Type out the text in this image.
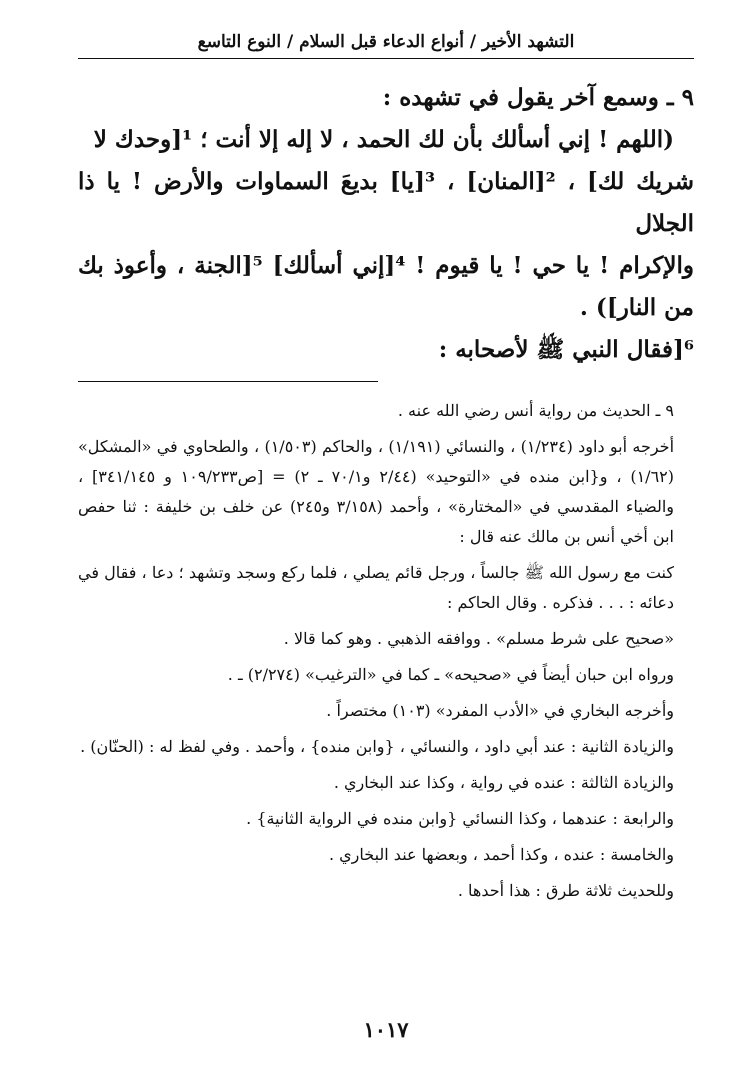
التشهد الأخير / أنواع الدعاء قبل السلام / النوع التاسع

٩ ـ وسمع آخر يقول في تشهده :

(اللهم ! إني أسألك بأن لك الحمد ، لا إله إلا أنت ؛ ¹[وحدك لا

شريك لك] ، ²[المنان] ، ³[يا] بديعَ السماوات والأرض ! يا ذا الجلال

والإكرام ! يا حي ! يا قيوم ! ⁴[إني أسألك] ⁵[الجنة ، وأعوذ بك من النار]) .

⁶[فقال النبي ﷺ لأصحابه :

٩ ـ الحديث من رواية أنس رضي الله عنه .

أخرجه أبو داود (١/٢٣٤) ، والنسائي (١/١٩١) ، والحاكم (١/٥٠٣) ، والطحاوي في «المشكل» (١/٦٢) ، و{ابن منده في «التوحيد» (٢/٤٤ و٧٠/١ ـ ٢) = [ص١٠٩/٢٣٣ و ٣٤١/١٤٥] ، والضياء المقدسي في «المختارة» ، وأحمد (٣/١٥٨ و٢٤٥) عن خلف بن خليفة : ثنا حفص ابن أخي أنس بن مالك عنه قال :

كنت مع رسول الله ﷺ جالساً ، ورجل قائم يصلي ، فلما ركع وسجد وتشهد ؛ دعا ، فقال في دعائه : . . . فذكره . وقال الحاكم :

«صحيح على شرط مسلم» . ووافقه الذهبي . وهو كما قالا .

ورواه ابن حبان أيضاً في «صحيحه» ـ كما في «الترغيب» (٢/٢٧٤) ـ .

وأخرجه البخاري في «الأدب المفرد» (١٠٣) مختصراً .

والزيادة الثانية : عند أبي داود ، والنسائي ، {وابن منده} ، وأحمد . وفي لفظ له : (الحنّان) .

والزيادة الثالثة : عنده في رواية ، وكذا عند البخاري .

والرابعة : عندهما ، وكذا النسائي {وابن منده في الرواية الثانية} .

والخامسة : عنده ، وكذا أحمد ، وبعضها عند البخاري .

وللحديث ثلاثة طرق : هذا أحدها .

١٠١٧
